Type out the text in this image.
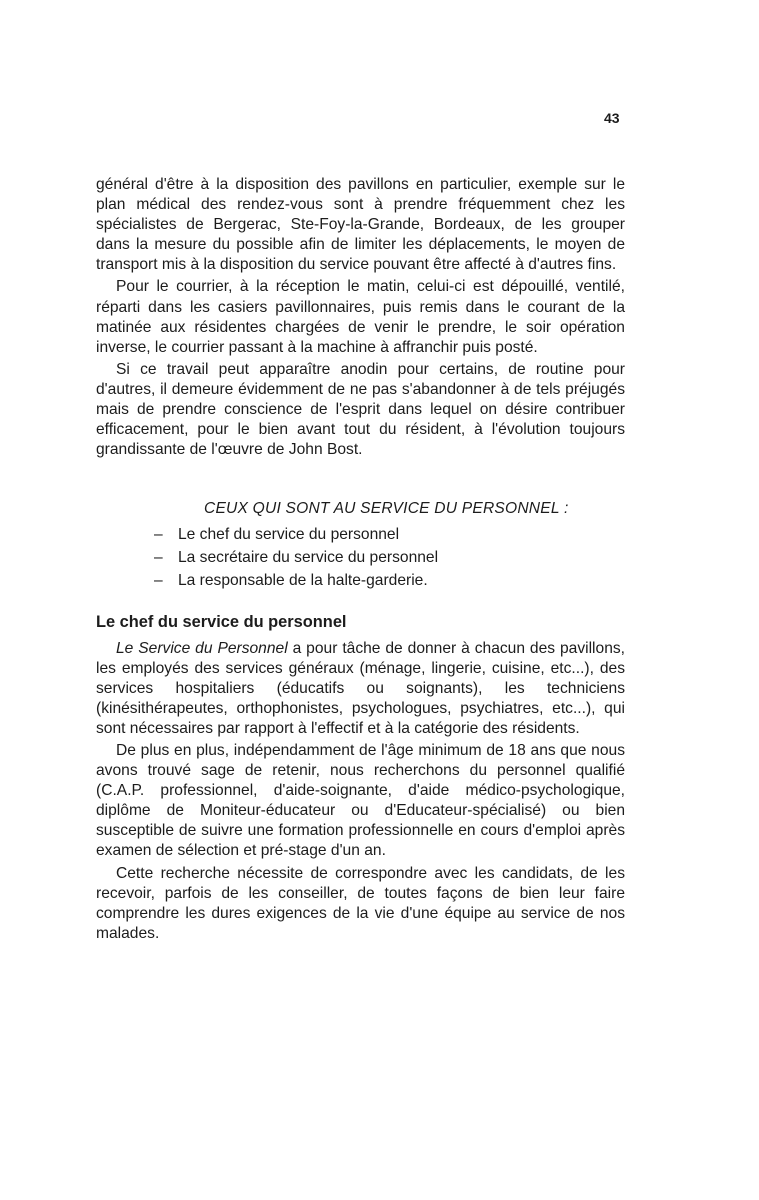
43

général d'être à la disposition des pavillons en particulier, exemple sur le plan médical des rendez-vous sont à prendre fréquemment chez les spécialistes de Bergerac, Ste-Foy-la-Grande, Bordeaux, de les grouper dans la mesure du possible afin de limiter les déplacements, le moyen de transport mis à la disposition du service pouvant être affecté à d'autres fins.

Pour le courrier, à la réception le matin, celui-ci est dépouillé, ventilé, réparti dans les casiers pavillonnaires, puis remis dans le courant de la matinée aux résidentes chargées de venir le prendre, le soir opération inverse, le courrier passant à la machine à affranchir puis posté.

Si ce travail peut apparaître anodin pour certains, de routine pour d'autres, il demeure évidemment de ne pas s'abandonner à de tels préjugés mais de prendre conscience de l'esprit dans lequel on désire contribuer efficacement, pour le bien avant tout du résident, à l'évolution toujours grandissante de l'œuvre de John Bost.

CEUX QUI SONT AU SERVICE DU PERSONNEL :

– Le chef du service du personnel
– La secrétaire du service du personnel
– La responsable de la halte-garderie.
Le chef du service du personnel

Le Service du Personnel a pour tâche de donner à chacun des pavillons, les employés des services généraux (ménage, lingerie, cuisine, etc...), des services hospitaliers (éducatifs ou soignants), les techniciens (kinésithérapeutes, orthophonistes, psychologues, psychiatres, etc...), qui sont nécessaires par rapport à l'effectif et à la catégorie des résidents.

De plus en plus, indépendamment de l'âge minimum de 18 ans que nous avons trouvé sage de retenir, nous recherchons du personnel qualifié (C.A.P. professionnel, d'aide-soignante, d'aide médico-psychologique, diplôme de Moniteur-éducateur ou d'Educateur-spécialisé) ou bien susceptible de suivre une formation professionnelle en cours d'emploi après examen de sélection et pré-stage d'un an.

Cette recherche nécessite de correspondre avec les candidats, de les recevoir, parfois de les conseiller, de toutes façons de bien leur faire comprendre les dures exigences de la vie d'une équipe au service de nos malades.
